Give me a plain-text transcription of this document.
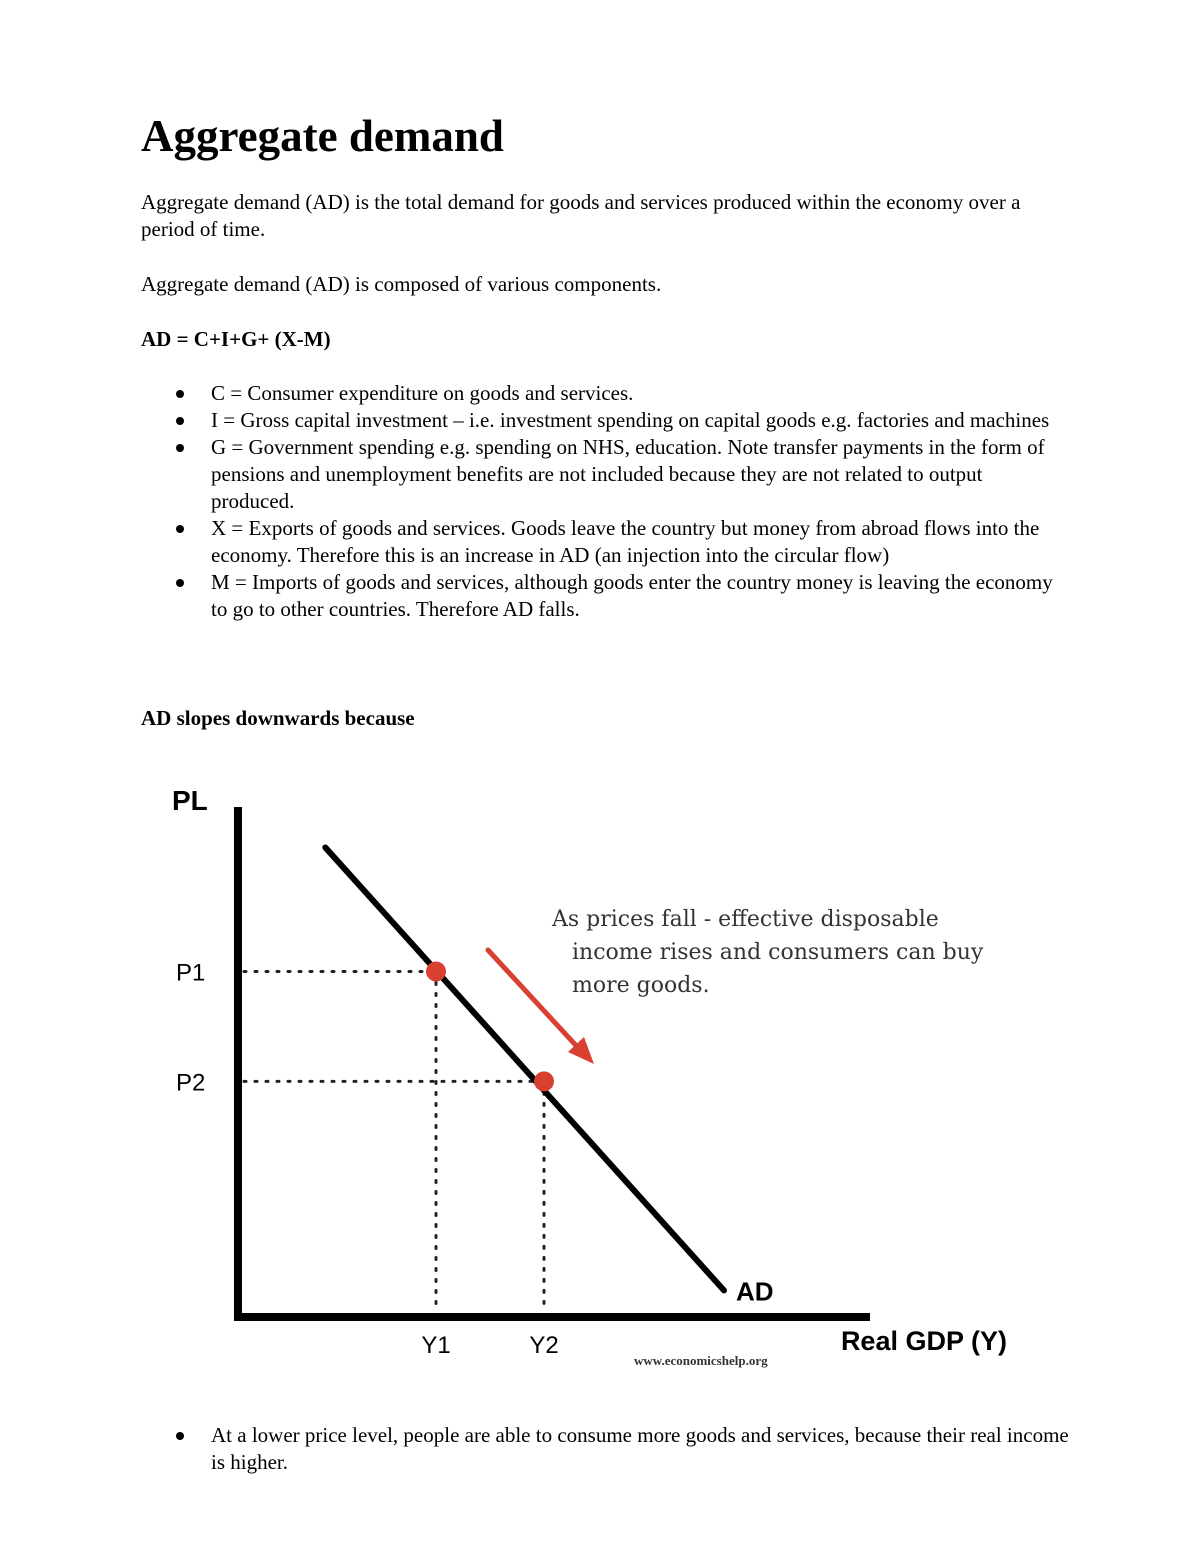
Aggregate demand

Aggregate demand (AD) is the total demand for goods and services produced within the economy over a period of time.

Aggregate demand (AD) is composed of various components.

AD = C+I+G+ (X-M)

C = Consumer expenditure on goods and services.
I = Gross capital investment – i.e. investment spending on capital goods e.g. factories and machines
G = Government spending e.g. spending on NHS, education. Note transfer payments in the form of pensions and unemployment benefits are not included because they are not related to output produced.
X = Exports of goods and services. Goods leave the country but money from abroad flows into the economy. Therefore this is an increase in AD (an injection into the circular flow)
M = Imports of goods and services, although goods enter the country money is leaving the economy to go to other countries. Therefore AD falls.

AD slopes downwards because

PL
Real GDP (Y)
P1
Y1
P2
Y2
AD
As prices fall - effective disposable
income rises and consumers can buy
more goods.
www.economicshelp.org
At a lower price level, people are able to consume more goods and services, because their real income is higher.
